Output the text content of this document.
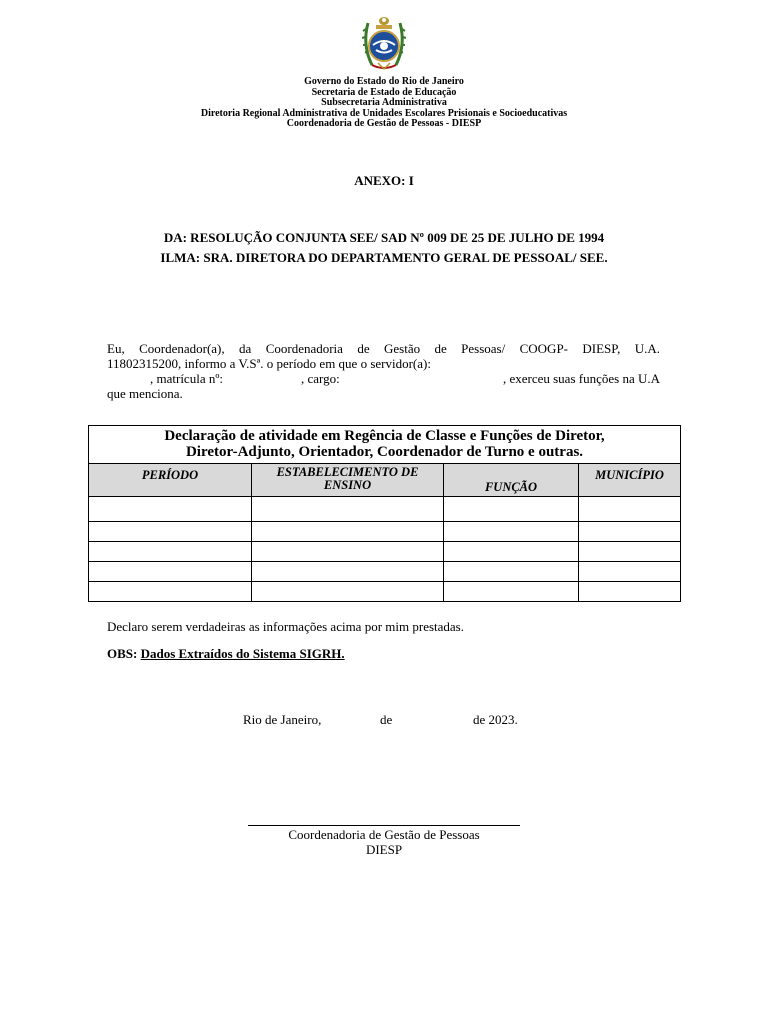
Governo do Estado do Rio de Janeiro
Secretaria de Estado de Educação
Subsecretaria Administrativa
Diretoria Regional Administrativa de Unidades Escolares Prisionais e Socioeducativas
Coordenadoria de Gestão de Pessoas - DIESP
ANEXO: I
DA: RESOLUÇÃO CONJUNTA SEE/ SAD Nº 009 DE 25 DE JULHO DE 1994
ILMA: SRA. DIRETORA DO DEPARTAMENTO GERAL DE PESSOAL/ SEE.
Eu, Coordenador(a), da Coordenadoria de Gestão de Pessoas/ COOGP- DIESP, U.A.
11802315200, informo a V.Sª. o período em que o servidor(a):
, matrícula nº:	, cargo:	, exerceu suas funções na U.A
que menciona.
Declaração de atividade em Regência de Classe e Funções de Diretor,
Diretor-Adjunto, Orientador, Coordenador de Turno e outras.			

PERÍODO	ESTABELECIMENTO DE ENSINO	FUNÇÃO	MUNICÍPIO

Declaro serem verdadeiras as informações acima por mim prestadas.
OBS: Dados Extraídos do Sistema SIGRH.
Rio de Janeiro,	de	de 2023.
Coordenadoria de Gestão de Pessoas
DIESP
